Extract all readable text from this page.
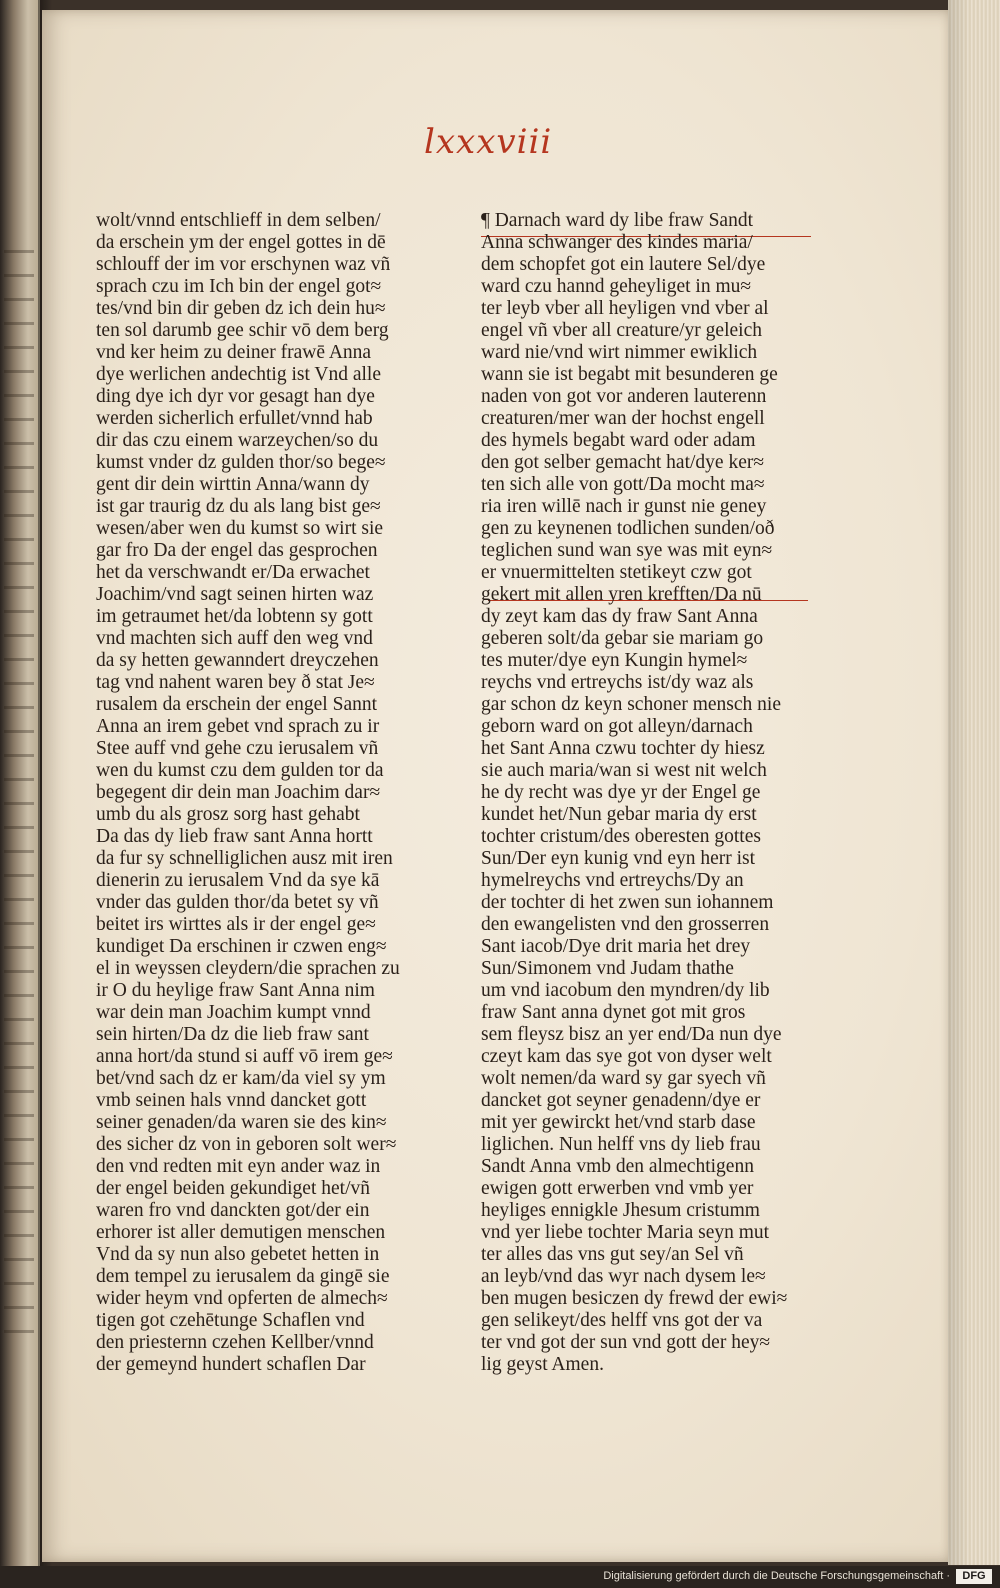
lxxxviii
wolt/vnnd entschlieff in dem selben/
da erschein ym der engel gottes in dē
schlouff der im vor erschynen waz vñ
sprach czu im Ich bin der engel got≈
tes/vnd bin dir geben dz ich dein hu≈
ten sol darumb gee schir vō dem berg
vnd ker heim zu deiner frawē Anna
dye werlichen andechtig ist Vnd alle
ding dye ich dyr vor gesagt han dye
werden sicherlich erfullet/vnnd hab
dir das czu einem warzeychen/so du
kumst vnder dz gulden thor/so bege≈
gent dir dein wirttin Anna/wann dy
ist gar traurig dz du als lang bist ge≈
wesen/aber wen du kumst so wirt sie
gar fro Da der engel das gesprochen
het da verschwandt er/Da erwachet
Joachim/vnd sagt seinen hirten waz
im getraumet het/da lobtenn sy gott
vnd machten sich auff den weg vnd
da sy hetten gewanndert dreyczehen
tag vnd nahent waren bey ð stat Je≈
rusalem da erschein der engel Sannt
Anna an irem gebet vnd sprach zu ir
Stee auff vnd gehe czu ierusalem vñ
wen du kumst czu dem gulden tor da
begegent dir dein man Joachim dar≈
umb du als grosz sorg hast gehabt
Da das dy lieb fraw sant Anna hortt
da fur sy schnelliglichen ausz mit iren
dienerin zu ierusalem Vnd da sye kā
vnder das gulden thor/da betet sy vñ
beitet irs wirttes als ir der engel ge≈
kundiget Da erschinen ir czwen eng≈
el in weyssen cleydern/die sprachen zu
ir O du heylige fraw Sant Anna nim
war dein man Joachim kumpt vnnd
sein hirten/Da dz die lieb fraw sant
anna hort/da stund si auff vō irem ge≈
bet/vnd sach dz er kam/da viel sy ym
vmb seinen hals vnnd dancket gott
seiner genaden/da waren sie des kin≈
des sicher dz von in geboren solt wer≈
den vnd redten mit eyn ander waz in
der engel beiden gekundiget het/vñ
waren fro vnd danckten got/der ein
erhorer ist aller demutigen menschen
Vnd da sy nun also gebetet hetten in
dem tempel zu ierusalem da gingē sie
wider heym vnd opferten de almech≈
tigen got czehētunge Schaflen vnd
den priesternn czehen Kellber/vnnd
der gemeynd hundert schaflen Dar
¶ Darnach ward dy libe fraw Sandt
Anna schwanger des kindes maria/
dem schopfet got ein lautere Sel/dye
ward czu hannd geheyliget in mu≈
ter leyb vber all heyligen vnd vber al
engel vñ vber all creature/yr geleich
ward nie/vnd wirt nimmer ewiklich
wann sie ist begabt mit besunderen ge
naden von got vor anderen lauterenn
creaturen/mer wan der hochst engell
des hymels begabt ward oder adam
den got selber gemacht hat/dye ker≈
ten sich alle von gott/Da mocht ma≈
ria iren willē nach ir gunst nie geney
gen zu keynenen todlichen sunden/oð
teglichen sund wan sye was mit eyn≈
er vnuermittelten stetikeyt czw got
gekert mit allen yren krefften/Da nū
dy zeyt kam das dy fraw Sant Anna
geberen solt/da gebar sie mariam go
tes muter/dye eyn Kungin hymel≈
reychs vnd ertreychs ist/dy waz als
gar schon dz keyn schoner mensch nie
geborn ward on got alleyn/darnach
het Sant Anna czwu tochter dy hiesz
sie auch maria/wan si west nit welch
he dy recht was dye yr der Engel ge
kundet het/Nun gebar maria dy erst
tochter cristum/des oberesten gottes
Sun/Der eyn kunig vnd eyn herr ist
hymelreychs vnd ertreychs/Dy an
der tochter di het zwen sun iohannem
den ewangelisten vnd den grosserren
Sant iacob/Dye drit maria het drey
Sun/Simonem vnd Judam thathe
um vnd iacobum den myndren/dy lib
fraw Sant anna dynet got mit gros
sem fleysz bisz an yer end/Da nun dye
czeyt kam das sye got von dyser welt
wolt nemen/da ward sy gar syech vñ
dancket got seyner genadenn/dye er
mit yer gewirckt het/vnd starb dase
liglichen. Nun helff vns dy lieb frau
Sandt Anna vmb den almechtigenn
ewigen gott erwerben vnd vmb yer
heyliges ennigkle Jhesum cristumm
vnd yer liebe tochter Maria seyn mut
ter alles das vns gut sey/an Sel vñ
an leyb/vnd das wyr nach dysem le≈
ben mugen besiczen dy frewd der ewi≈
gen selikeyt/des helff vns got der va
ter vnd got der sun vnd gott der hey≈
lig geyst Amen.
Digitalisierung gefördert durch die Deutsche Forschungsgemeinschaft ·	DFG
